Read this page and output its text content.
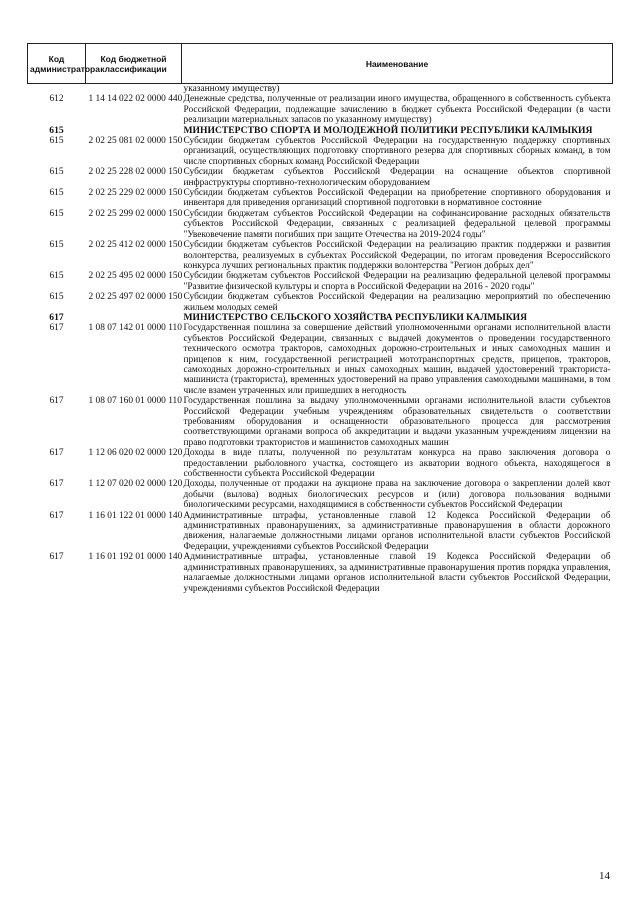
Код администратора	Код бюджетной классификации	Наименование
		указанному имуществу)
612	1 14 14 022 02 0000 440	Денежные средства, полученные от реализации иного имущества, обращенного в собственность субъекта Российской Федерации, подлежащие зачислению в бюджет субъекта Российской Федерации (в части реализации материальных запасов по указанному имуществу)
615		МИНИСТЕРСТВО СПОРТА И МОЛОДЕЖНОЙ ПОЛИТИКИ РЕСПУБЛИКИ КАЛМЫКИЯ
615	2 02 25 081 02 0000 150	Субсидии бюджетам субъектов Российской Федерации на государственную поддержку спортивных организаций, осуществляющих подготовку спортивного резерва для спортивных сборных команд, в том числе спортивных сборных команд Российской Федерации
615	2 02 25 228 02 0000 150	Субсидии бюджетам субъектов Российской Федерации на оснащение объектов спортивной инфраструктуры спортивно-технологическим оборудованием
615	2 02 25 229 02 0000 150	Субсидии бюджетам субъектов Российской Федерации на приобретение спортивного оборудования и инвентаря для приведения организаций спортивной подготовки в нормативное состояние
615	2 02 25 299 02 0000 150	Субсидии бюджетам субъектов Российской Федерации на софинансирование расходных обязательств субъектов Российской Федерации, связанных с реализацией федеральной целевой программы "Увековечение памяти погибших при защите Отечества на 2019-2024 годы"
615	2 02 25 412 02 0000 150	Субсидии бюджетам субъектов Российской Федерации на реализацию практик поддержки и развития волонтерства, реализуемых в субъектах Российской Федерации, по итогам проведения Всероссийского конкурса лучших региональных практик поддержки волонтерства "Регион добрых дел"
615	2 02 25 495 02 0000 150	Субсидии бюджетам субъектов Российской Федерации на реализацию федеральной целевой программы "Развитие физической культуры и спорта в Российской Федерации на 2016 - 2020 годы"
615	2 02 25 497 02 0000 150	Субсидии бюджетам субъектов Российской Федерации на реализацию мероприятий по обеспечению жильем молодых семей
617		МИНИСТЕРСТВО СЕЛЬСКОГО ХОЗЯЙСТВА РЕСПУБЛИКИ КАЛМЫКИЯ
617	1 08 07 142 01 0000 110	Государственная пошлина за совершение действий уполномоченными органами исполнительной власти субъектов Российской Федерации, связанных с выдачей документов о проведении государственного технического осмотра тракторов, самоходных дорожно-строительных и иных самоходных машин и прицепов к ним, государственной регистрацией мототранспортных средств, прицепов, тракторов, самоходных дорожно-строительных и иных самоходных машин, выдачей удостоверений тракториста-машиниста (тракториста), временных удостоверений на право управления самоходными машинами, в том числе взамен утраченных или пришедших в негодность
617	1 08 07 160 01 0000 110	Государственная пошлина за выдачу уполномоченными органами исполнительной власти субъектов Российской Федерации учебным учреждениям образовательных свидетельств о соответствии требованиям оборудования и оснащенности образовательного процесса для рассмотрения соответствующими органами вопроса об аккредитации и выдачи указанным учреждениям лицензии на право подготовки трактористов и машинистов самоходных машин
617	1 12 06 020 02 0000 120	Доходы в виде платы, полученной по результатам конкурса на право заключения договора о предоставлении рыболовного участка, состоящего из акватории водного объекта, находящегося в собственности субъекта Российской Федерации
617	1 12 07 020 02 0000 120	Доходы, полученные от продажи на аукционе права на заключение договора о закреплении долей квот добычи (вылова) водных биологических ресурсов и (или) договора пользования водными биологическими ресурсами, находящимися в собственности субъектов Российской Федерации
617	1 16 01 122 01 0000 140	Административные штрафы, установленные главой 12 Кодекса Российской Федерации об административных правонарушениях, за административные правонарушения в области дорожного движения, налагаемые должностными лицами органов исполнительной власти субъектов Российской Федерации, учреждениями субъектов Российской Федерации
617	1 16 01 192 01 0000 140	Административные штрафы, установленные главой 19 Кодекса Российской Федерации об административных правонарушениях, за административные правонарушения против порядка управления, налагаемые должностными лицами органов исполнительной власти субъектов Российской Федерации, учреждениями субъектов Российской Федерации
14
